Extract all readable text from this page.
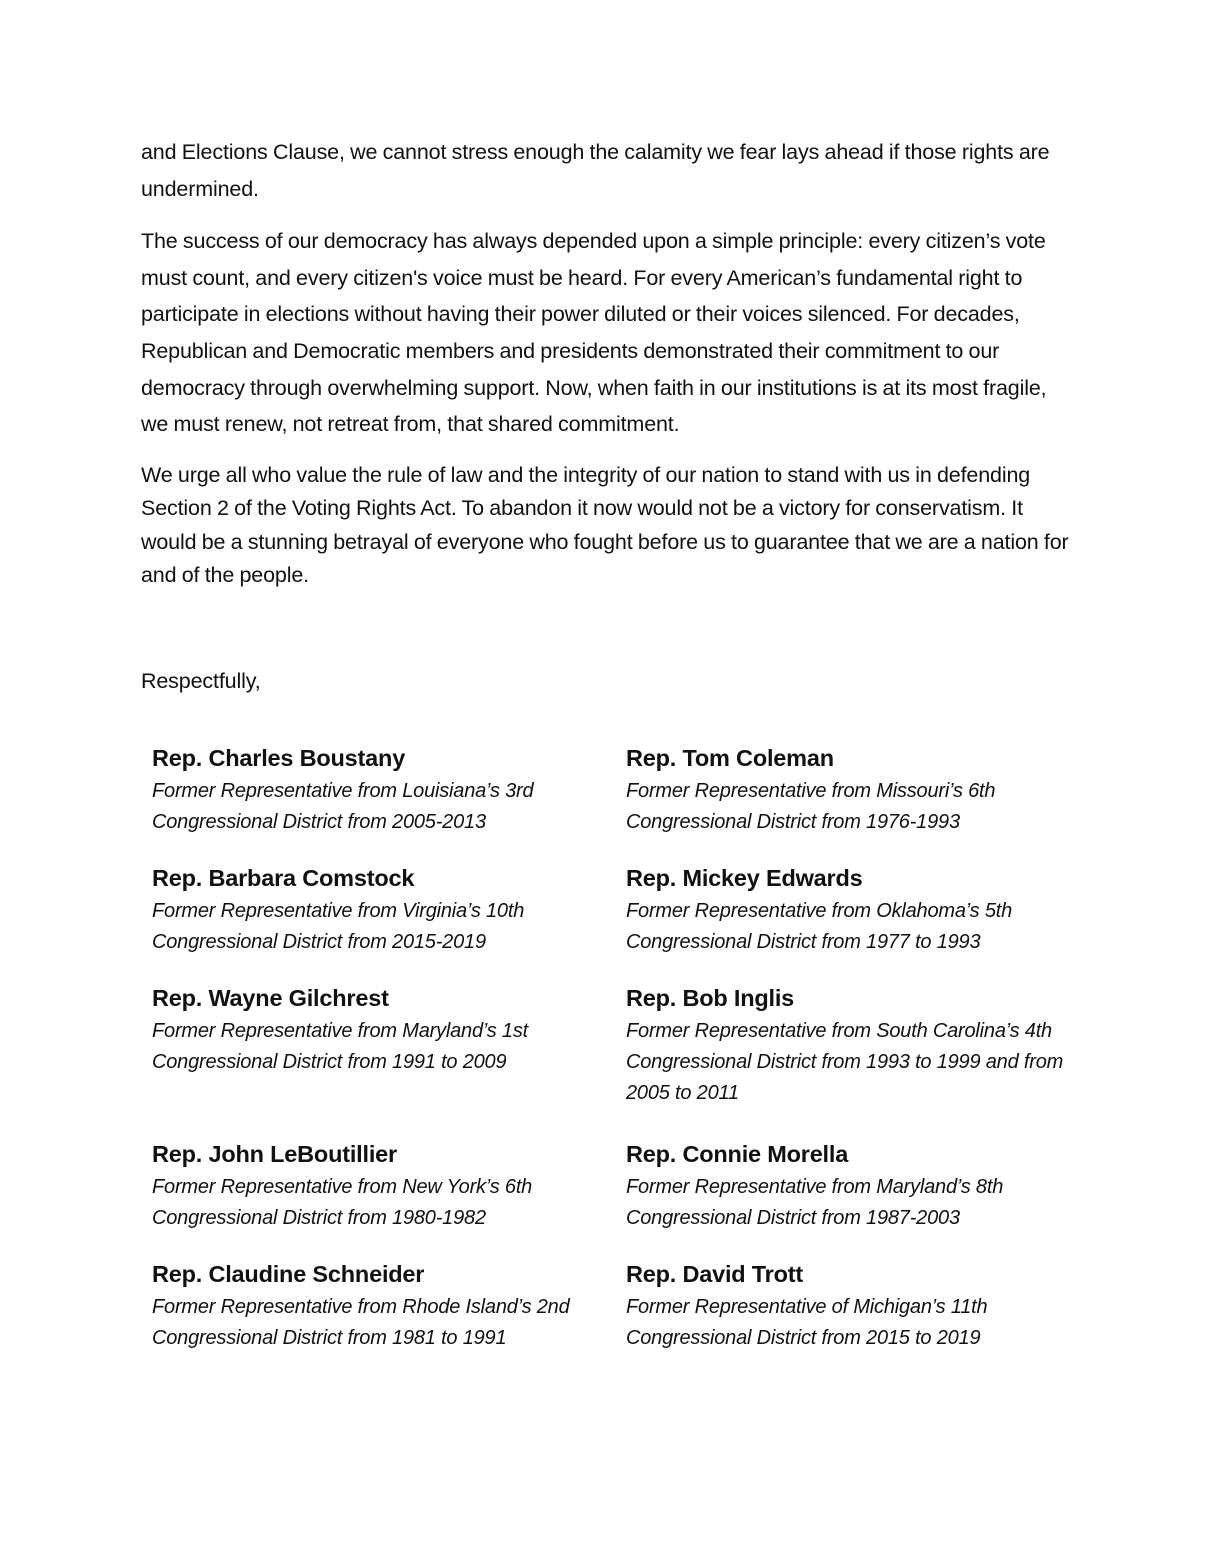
and Elections Clause, we cannot stress enough the calamity we fear lays ahead if those rights are undermined.

The success of our democracy has always depended upon a simple principle: every citizen’s vote must count, and every citizen's voice must be heard. For every American’s fundamental right to participate in elections without having their power diluted or their voices silenced. For decades, Republican and Democratic members and presidents demonstrated their commitment to our democracy through overwhelming support. Now, when faith in our institutions is at its most fragile, we must renew, not retreat from, that shared commitment.

We urge all who value the rule of law and the integrity of our nation to stand with us in defending Section 2 of the Voting Rights Act. To abandon it now would not be a victory for conservatism. It would be a stunning betrayal of everyone who fought before us to guarantee that we are a nation for and of the people.

Respectfully,

Rep. Charles Boustany

Former Representative from Louisiana’s 3rd Congressional District from 2005-2013

Rep. Tom Coleman

Former Representative from Missouri’s 6th Congressional District from 1976-1993

Rep. Barbara Comstock

Former Representative from Virginia’s 10th Congressional District from 2015-2019

Rep. Mickey Edwards

Former Representative from Oklahoma’s 5th Congressional District from 1977 to 1993

Rep. Wayne Gilchrest

Former Representative from Maryland’s 1st Congressional District from 1991 to 2009

Rep. Bob Inglis

Former Representative from South Carolina’s 4th Congressional District from 1993 to 1999 and from 2005 to 2011

Rep. John LeBoutillier

Former Representative from New York’s 6th Congressional District from 1980-1982

Rep. Connie Morella

Former Representative from Maryland’s 8th Congressional District from 1987-2003

Rep. Claudine Schneider

Former Representative from Rhode Island’s 2nd Congressional District from 1981 to 1991

Rep. David Trott

Former Representative of Michigan’s 11th Congressional District from 2015 to 2019
